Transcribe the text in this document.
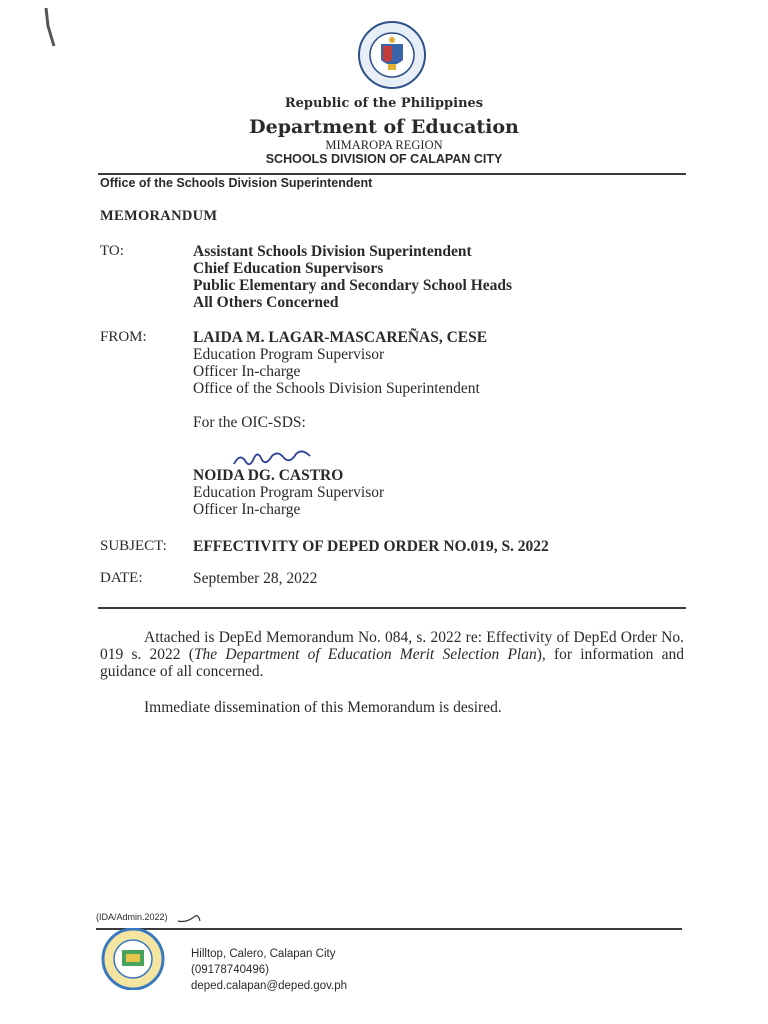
Republic of the Philippines
Department of Education
MIMAROPA REGION
SCHOOLS DIVISION OF CALAPAN CITY
Office of the Schools Division Superintendent
MEMORANDUM
TO:	Assistant Schools Division Superintendent
Chief Education Supervisors
Public Elementary and Secondary School Heads
All Others Concerned
FROM:	LAIDA M. LAGAR-MASCAREÑAS, CESE
Education Program Supervisor
Officer In-charge
Office of the Schools Division Superintendent
For the OIC-SDS:
NOIDA DG. CASTRO
Education Program Supervisor
Officer In-charge
SUBJECT: EFFECTIVITY OF DEPED ORDER NO.019, S. 2022
DATE:	September 28, 2022

Attached is DepEd Memorandum No. 084, s. 2022 re: Effectivity of DepEd Order No. 019 s. 2022 (The Department of Education Merit Selection Plan), for information and guidance of all concerned.

Immediate dissemination of this Memorandum is desired.

(IDA/Admin.2022)
Hilltop, Calero, Calapan City
(09178740496)
deped.calapan@deped.gov.ph
